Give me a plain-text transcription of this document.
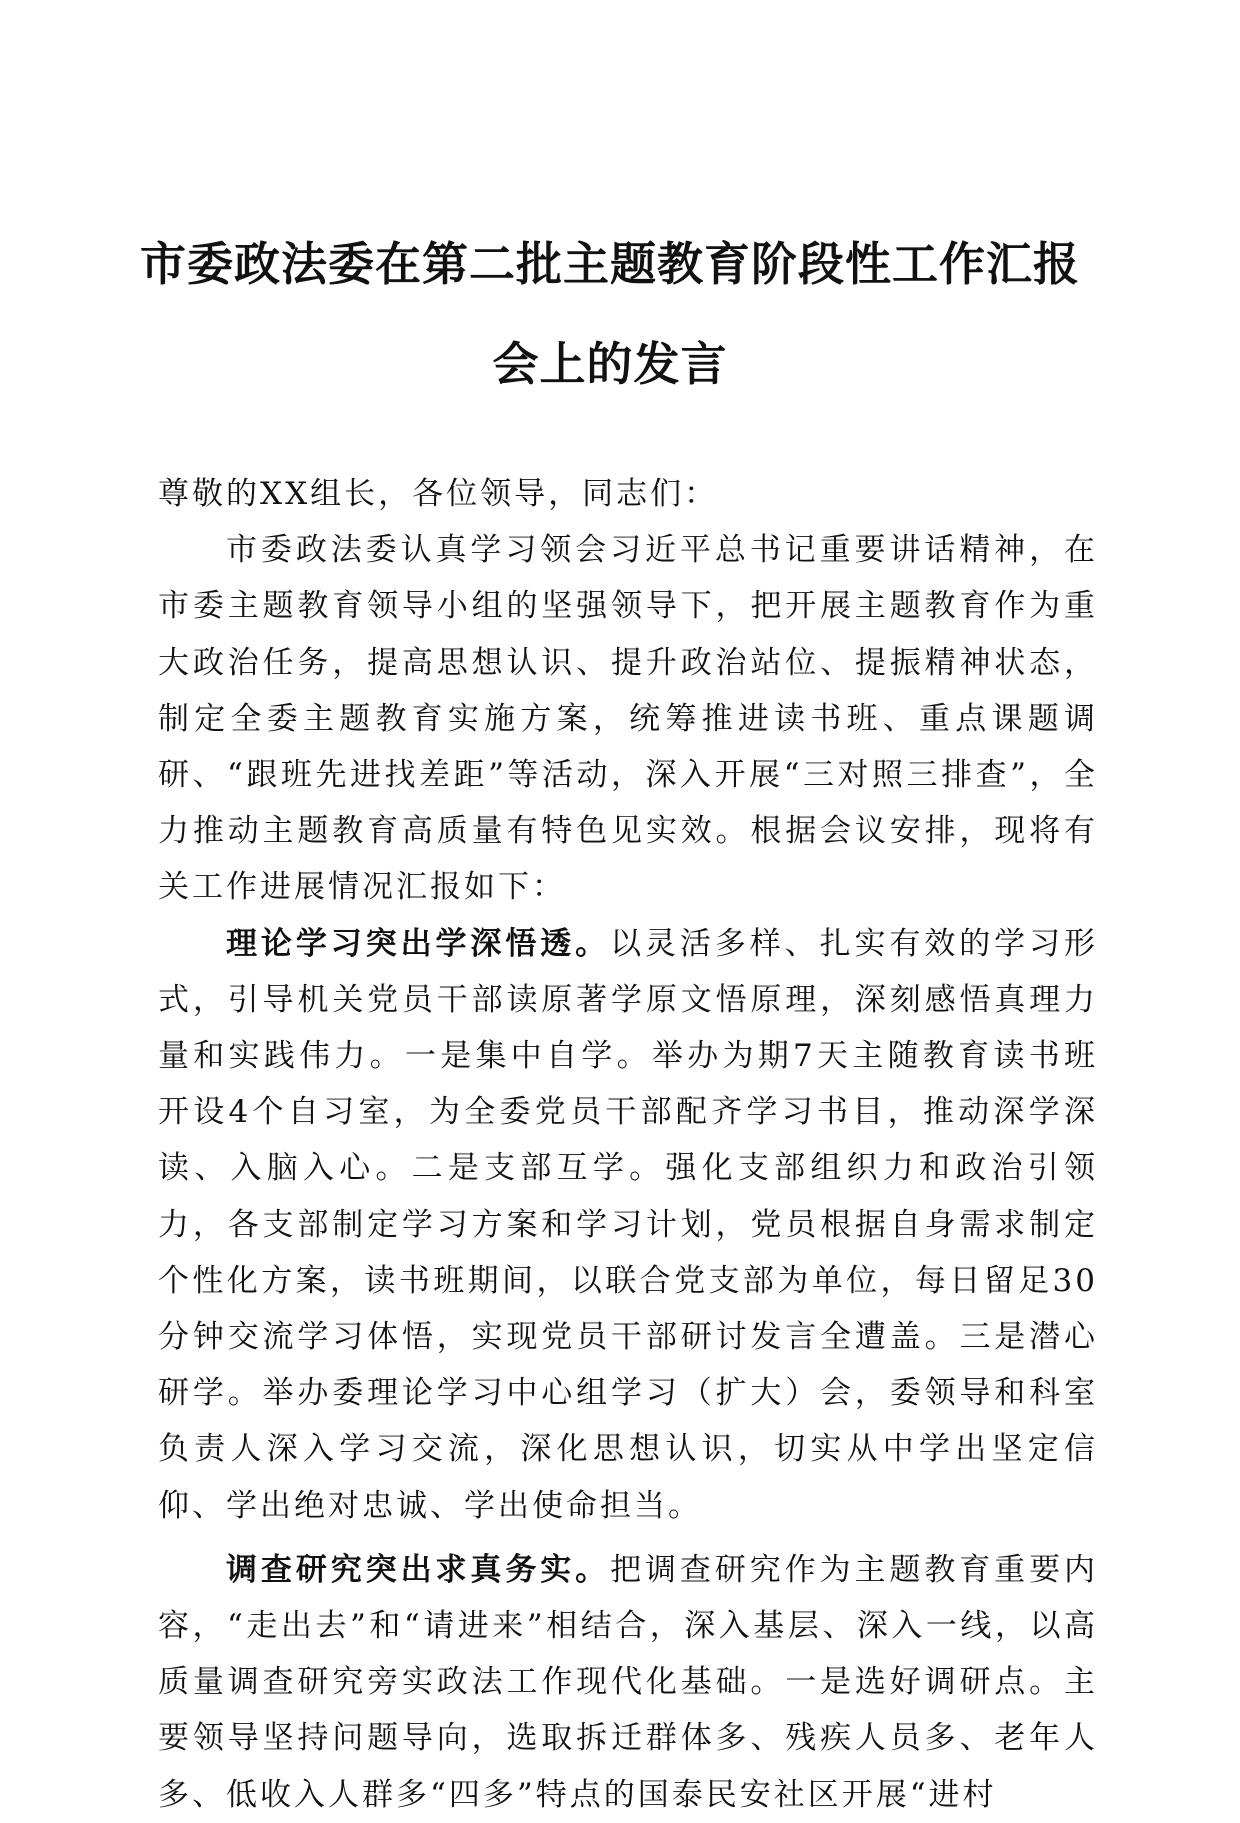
市委政法委在第二批主题教育阶段性工作汇报
会上的发言

尊敬的XX组长，各位领导，同志们：

市委政法委认真学习领会习近平总书记重要讲话精神，在市委主题教育领导小组的坚强领导下，把开展主题教育作为重大政治任务，提高思想认识、提升政治站位、提振精神状态，制定全委主题教育实施方案，统筹推进读书班、重点课题调研、“跟班先进找差距”等活动，深入开展“三对照三排查”，全力推动主题教育高质量有特色见实效。根据会议安排，现将有关工作进展情况汇报如下：

理论学习突出学深悟透。以灵活多样、扎实有效的学习形式，引导机关党员干部读原著学原文悟原理，深刻感悟真理力量和实践伟力。一是集中自学。举办为期7天主随教育读书班开设4个自习室，为全委党员干部配齐学习书目，推动深学深读、入脑入心。二是支部互学。强化支部组织力和政治引领力，各支部制定学习方案和学习计划，党员根据自身需求制定个性化方案，读书班期间，以联合党支部为单位，每日留足30分钟交流学习体悟，实现党员干部研讨发言全遭盖。三是潜心研学。举办委理论学习中心组学习（扩大）会，委领导和科室负责人深入学习交流，深化思想认识，切实从中学出坚定信仰、学出绝对忠诚、学出使命担当。

调查研究突出求真务实。把调查研究作为主题教育重要内容，“走出去”和“请进来”相结合，深入基层、深入一线，以高质量调查研究旁实政法工作现代化基础。一是选好调研点。主要领导坚持问题导向，选取拆迁群体多、残疾人员多、老年人多、低收入人群多“四多”特点的国泰民安社区开展“进村
